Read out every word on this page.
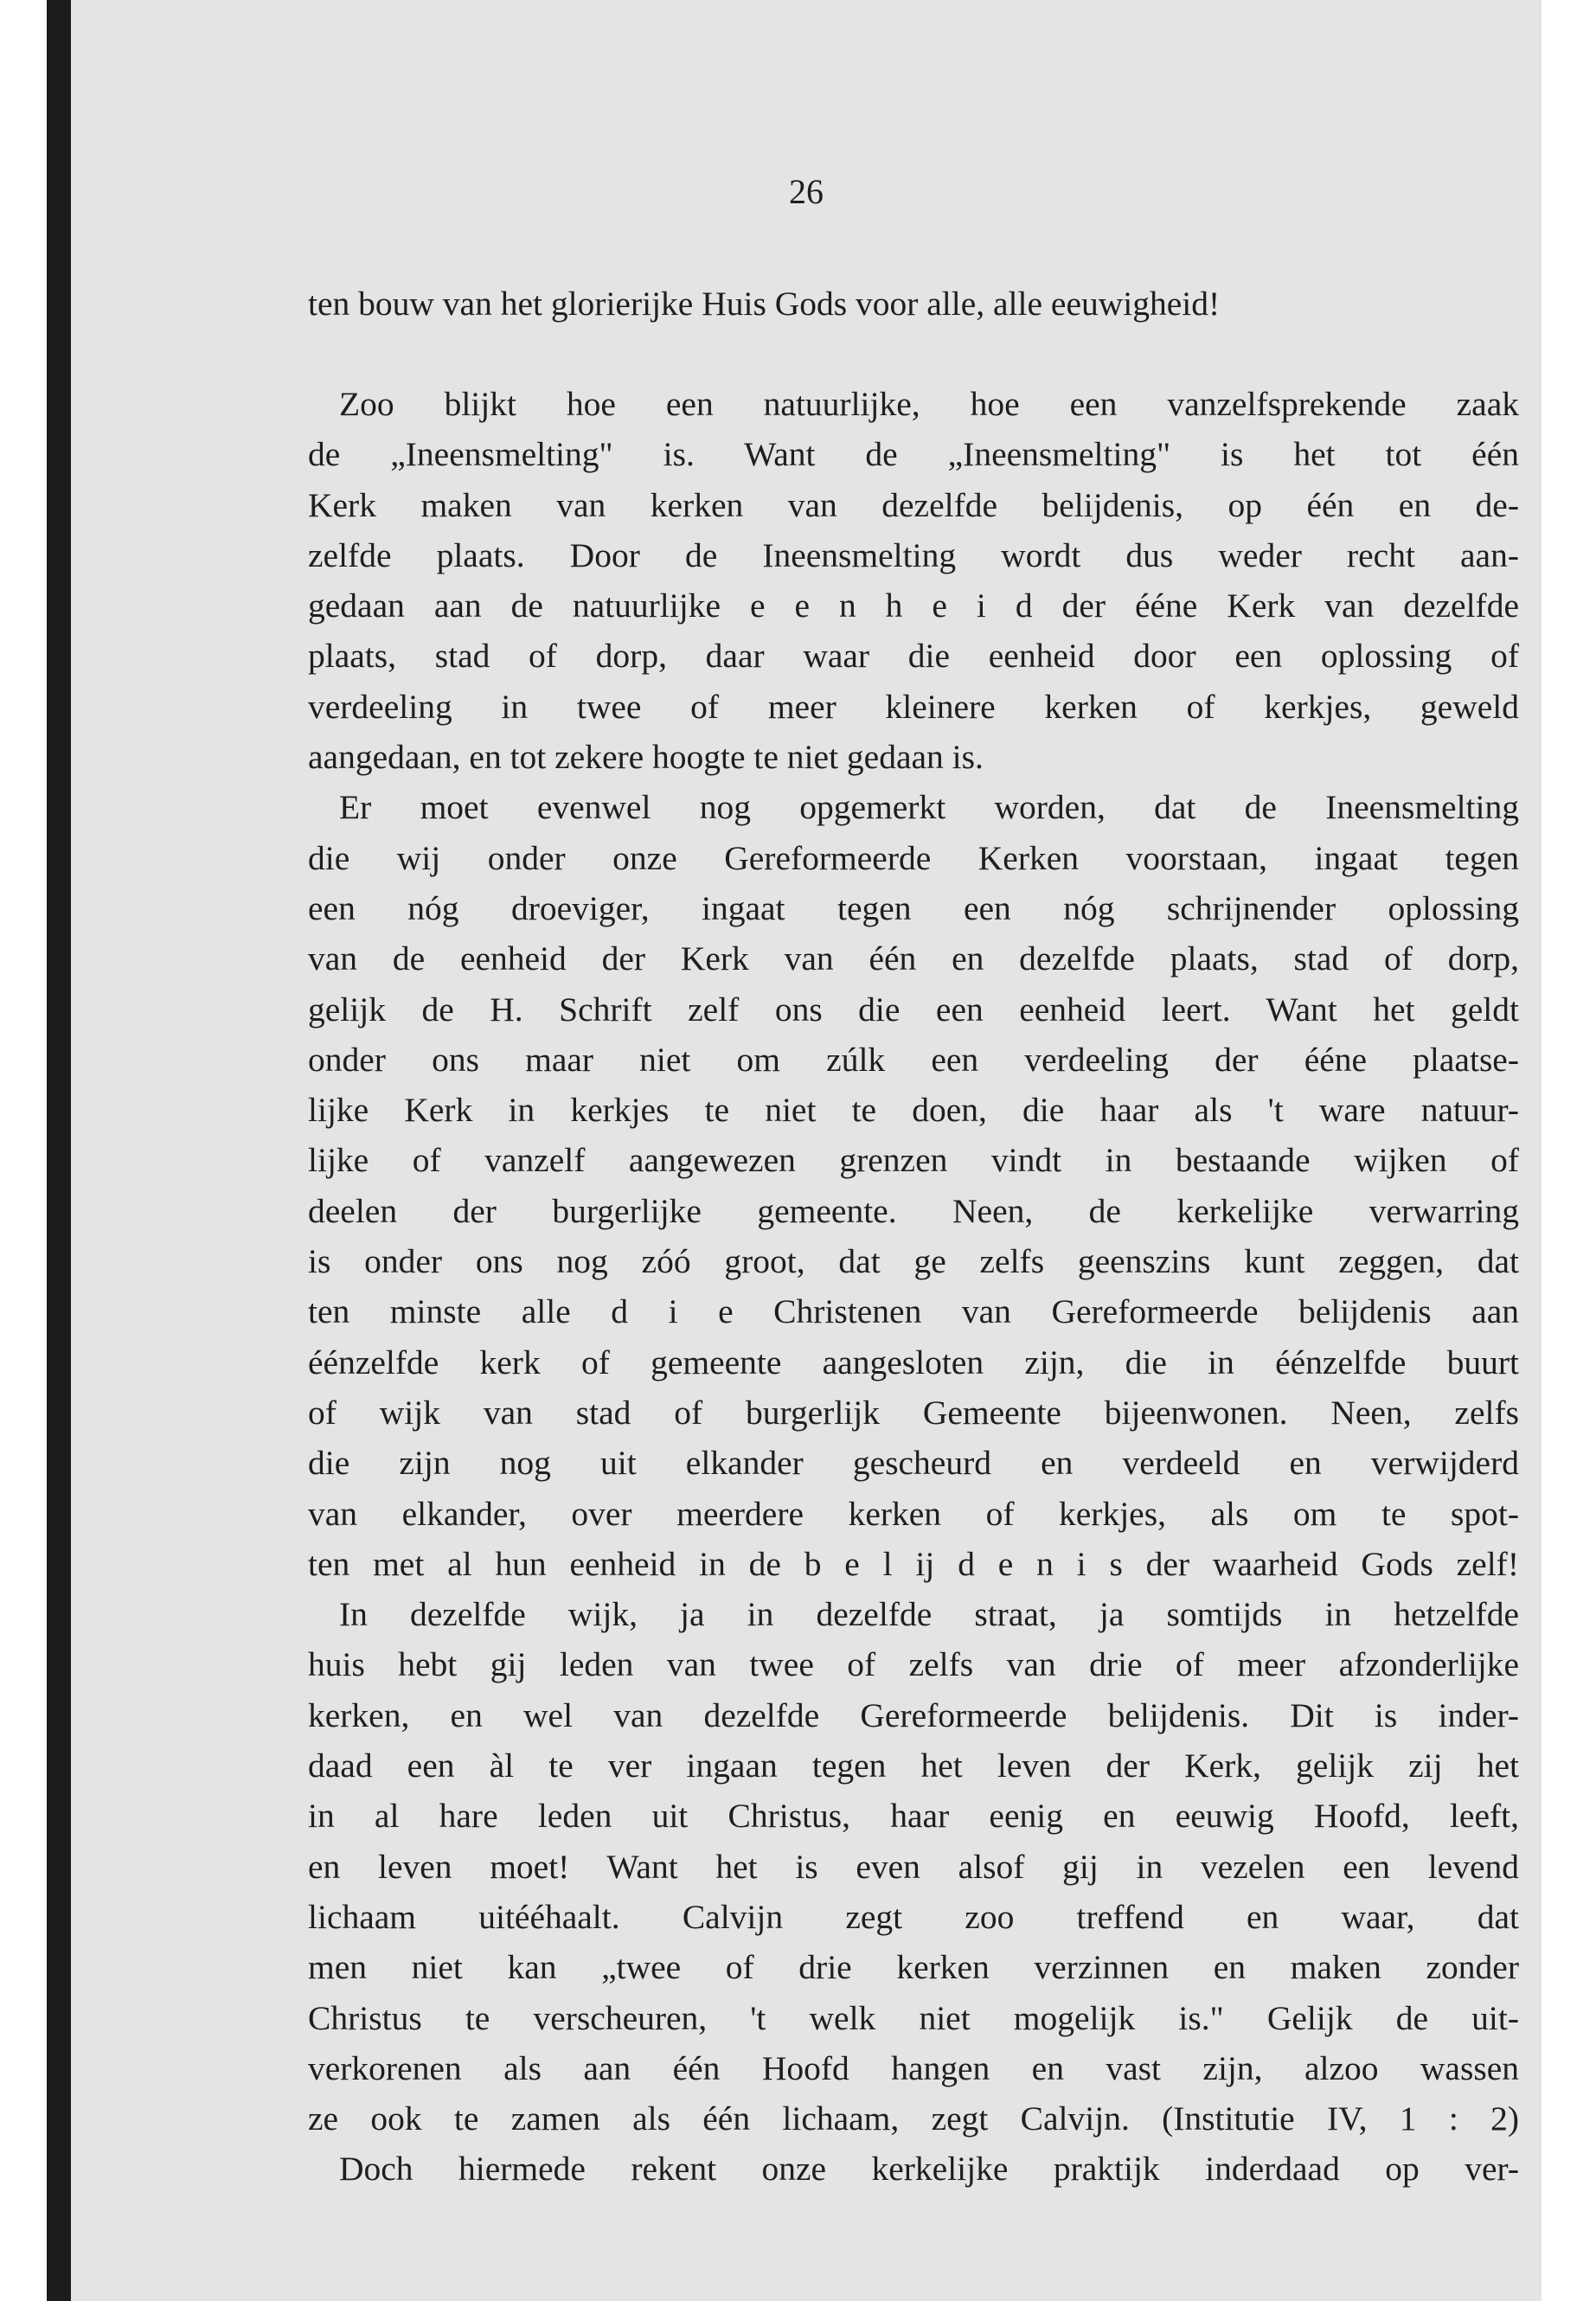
26
ten bouw van het glorierijke Huis Gods voor alle, alle eeuwigheid!
Zoo blijkt hoe een natuurlijke, hoe een vanzelfsprekende zaak
de „Ineensmelting" is. Want de „Ineensmelting" is het tot één
Kerk maken van kerken van dezelfde belijdenis, op één en de-
zelfde plaats. Door de Ineensmelting wordt dus weder recht aan-
gedaan aan de natuurlijke e e n h e i d der ééne Kerk van dezelfde
plaats, stad of dorp, daar waar die eenheid door een oplossing of
verdeeling in twee of meer kleinere kerken of kerkjes, geweld
aangedaan, en tot zekere hoogte te niet gedaan is.
Er moet evenwel nog opgemerkt worden, dat de Ineensmelting
die wij onder onze Gereformeerde Kerken voorstaan, ingaat tegen
een nóg droeviger, ingaat tegen een nóg schrijnender oplossing
van de eenheid der Kerk van één en dezelfde plaats, stad of dorp,
gelijk de H. Schrift zelf ons die een eenheid leert. Want het geldt
onder ons maar niet om zúlk een verdeeling der ééne plaatse-
lijke Kerk in kerkjes te niet te doen, die haar als 't ware natuur-
lijke of vanzelf aangewezen grenzen vindt in bestaande wijken of
deelen der burgerlijke gemeente. Neen, de kerkelijke verwarring
is onder ons nog zóó groot, dat ge zelfs geenszins kunt zeggen, dat
ten minste alle d i e Christenen van Gereformeerde belijdenis aan
éénzelfde kerk of gemeente aangesloten zijn, die in éénzelfde buurt
of wijk van stad of burgerlijk Gemeente bijeenwonen. Neen, zelfs
die zijn nog uit elkander gescheurd en verdeeld en verwijderd
van elkander, over meerdere kerken of kerkjes, als om te spot-
ten met al hun eenheid in de b e l ij d e n i s der waarheid Gods zelf!
In dezelfde wijk, ja in dezelfde straat, ja somtijds in hetzelfde
huis hebt gij leden van twee of zelfs van drie of meer afzonderlijke
kerken, en wel van dezelfde Gereformeerde belijdenis. Dit is inder-
daad een àl te ver ingaan tegen het leven der Kerk, gelijk zij het
in al hare leden uit Christus, haar eenig en eeuwig Hoofd, leeft,
en leven moet! Want het is even alsof gij in vezelen een levend
lichaam uitééhaalt. Calvijn zegt zoo treffend en waar, dat
men niet kan „twee of drie kerken verzinnen en maken zonder
Christus te verscheuren, 't welk niet mogelijk is." Gelijk de uit-
verkorenen als aan één Hoofd hangen en vast zijn, alzoo wassen
ze ook te zamen als één lichaam, zegt Calvijn. (Institutie IV, 1 : 2)
Doch hiermede rekent onze kerkelijke praktijk inderdaad op ver-
